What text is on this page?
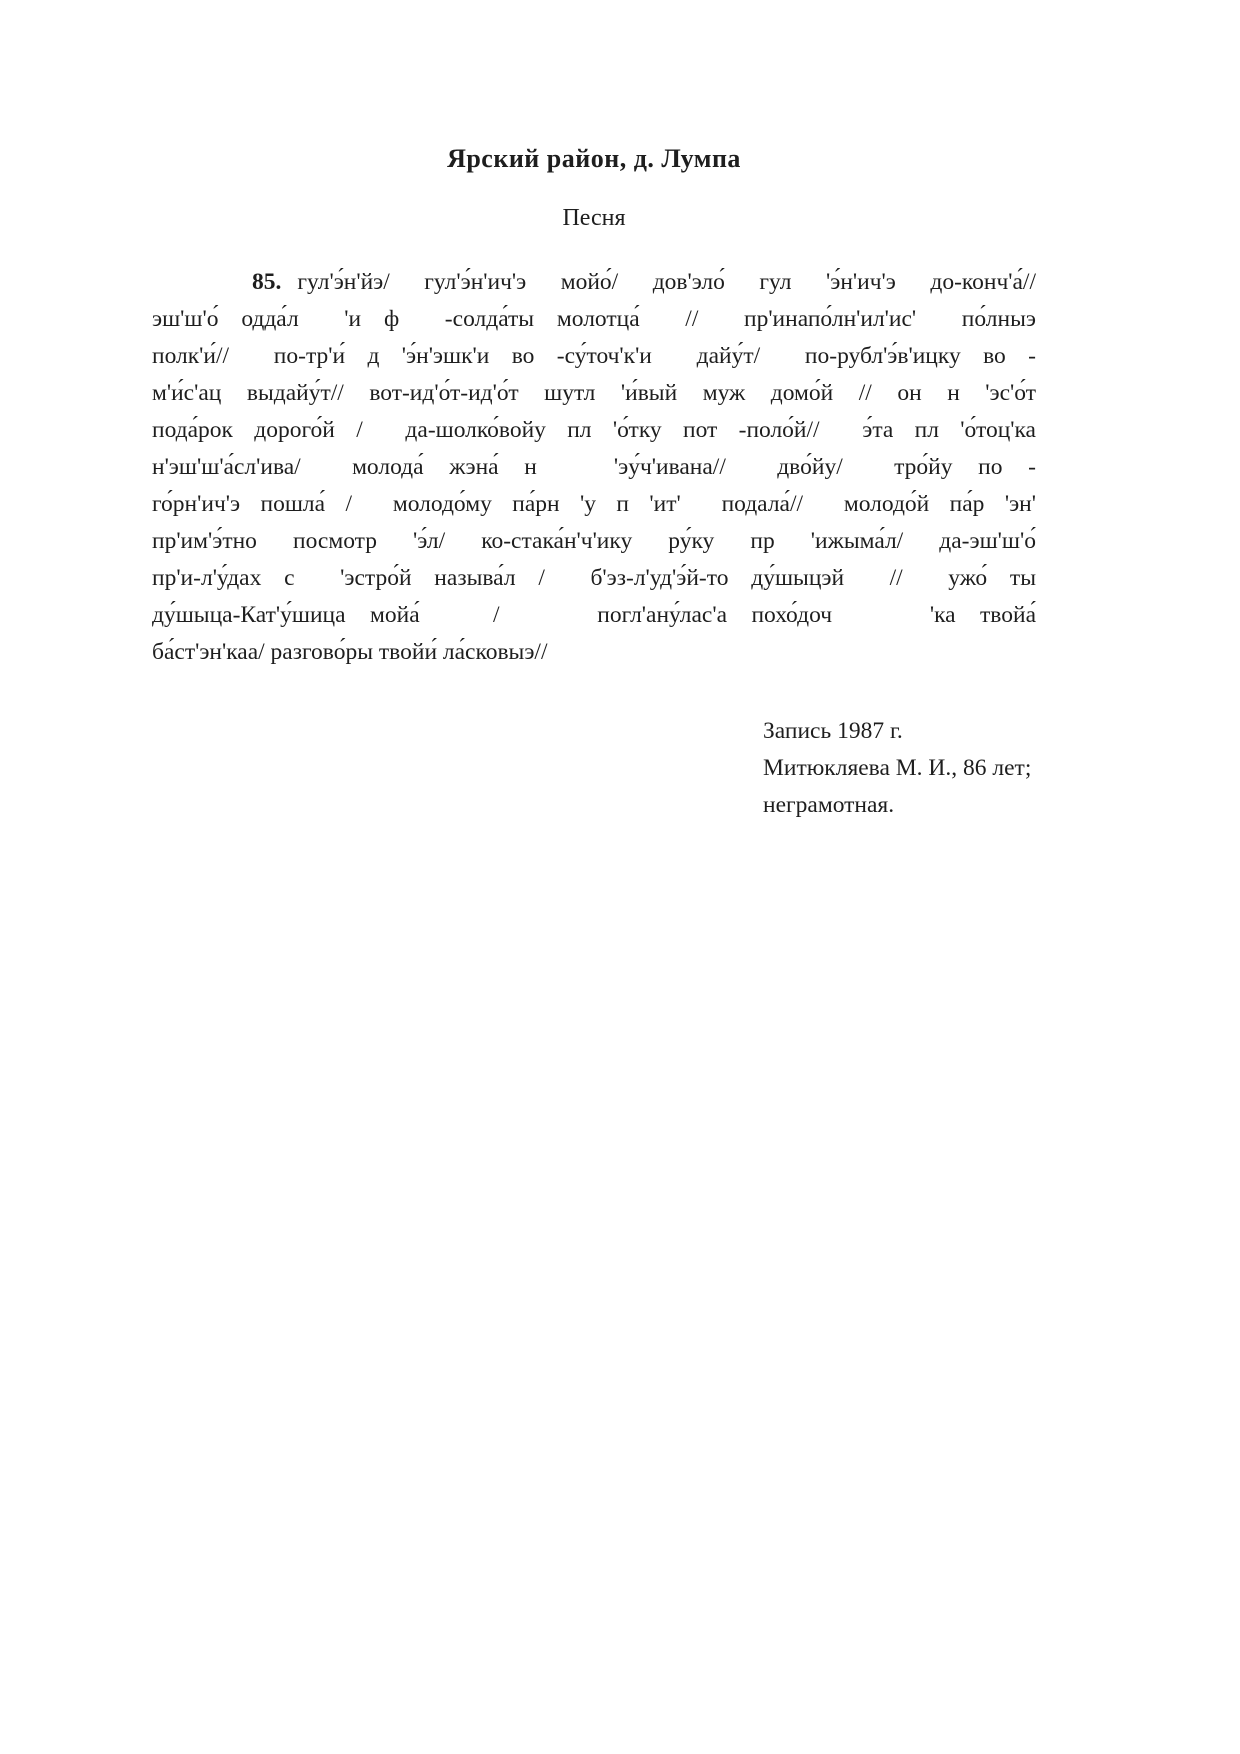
Ярский район, д. Лумпа
Песня
85. гул'э́н'йэ/ гул'э́н'ич'э мойо́/ дов'эло́ гул 'э́н'ич'э до-конч'а́//
эш'ш'о́ одда́л  'и ф  -солда́ты молотца́  //  пр'инапо́лн'ил'ис'  по́лныэ
полк'и́//  по-тр'и́ д 'э́н'эшк'и во -су́точ'к'и  дайу́т/  по-рубл'э́в'ицку во -
м'и́с'ац выдайу́т// вот-ид'о́т-ид'о́т шутл 'и́вый муж домо́й // он н 'эс'о́т
пода́рок дорого́й /  да-шолко́войу пл 'о́тку пот -поло́й//  э́та пл 'о́тоц'ка
н'эш'ш'а́сл'ива/  молода́ жэна́ н   'эу́ч'ивана//  дво́йу/  тро́йу по -
го́рн'ич'э пошла́ /  молодо́му па́рн 'у п 'ит'  подала́//  молодо́й па́р 'эн'
пр'им'э́тно посмотр 'э́л/ ко-стака́н'ч'ику ру́ку пр 'ижыма́л/ да-эш'ш'о́
пр'и-л'у́дах с  'эстро́й называ́л /  б'эз-л'уд'э́й-то ду́шыцэй  //  ужо́ ты
ду́шыца-Кат'у́шица мойа́   /    погл'ану́лас'а похо́доч    'ка твойа́
ба́ст'эн'каа/ разгово́ры твойи́ ла́сковыэ//
Запись 1987 г.
Митюкляева М. И., 86 лет;
неграмотная.
